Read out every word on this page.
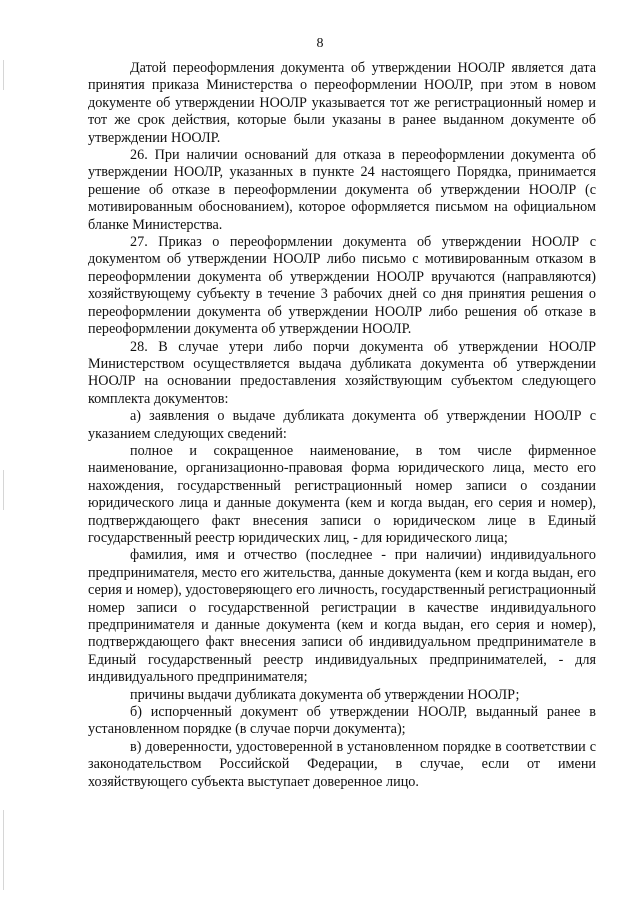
8

Датой переоформления документа об утверждении НООЛР является дата принятия приказа Министерства о переоформлении НООЛР, при этом в новом документе об утверждении НООЛР указывается тот же регистрационный номер и тот же срок действия, которые были указаны в ранее выданном документе об утверждении НООЛР.

26. При наличии оснований для отказа в переоформлении документа об утверждении НООЛР, указанных в пункте 24 настоящего Порядка, принимается решение об отказе в переоформлении документа об утверждении НООЛР (с мотивированным обоснованием), которое оформляется письмом на официальном бланке Министерства.

27. Приказ о переоформлении документа об утверждении НООЛР с документом об утверждении НООЛР либо письмо с мотивированным отказом в переоформлении документа об утверждении НООЛР вручаются (направляются) хозяйствующему субъекту в течение 3 рабочих дней со дня принятия решения о переоформлении документа об утверждении НООЛР либо решения об отказе в переоформлении документа об утверждении НООЛР.

28. В случае утери либо порчи документа об утверждении НООЛР Министерством осуществляется выдача дубликата документа об утверждении НООЛР на основании предоставления хозяйствующим субъектом следующего комплекта документов:

а) заявления о выдаче дубликата документа об утверждении НООЛР с указанием следующих сведений:

полное и сокращенное наименование, в том числе фирменное наименование, организационно-правовая форма юридического лица, место его нахождения, государственный регистрационный номер записи о создании юридического лица и данные документа (кем и когда выдан, его серия и номер), подтверждающего факт внесения записи о юридическом лице в Единый государственный реестр юридических лиц, - для юридического лица;

фамилия, имя и отчество (последнее - при наличии) индивидуального предпринимателя, место его жительства, данные документа (кем и когда выдан, его серия и номер), удостоверяющего его личность, государственный регистрационный номер записи о государственной регистрации в качестве индивидуального предпринимателя и данные документа (кем и когда выдан, его серия и номер), подтверждающего факт внесения записи об индивидуальном предпринимателе в Единый государственный реестр индивидуальных предпринимателей, - для индивидуального предпринимателя;

причины выдачи дубликата документа об утверждении НООЛР;

б) испорченный документ об утверждении НООЛР, выданный ранее в установленном порядке (в случае порчи документа);

в) доверенности, удостоверенной в установленном порядке в соответствии с законодательством Российской Федерации, в случае, если от имени хозяйствующего субъекта выступает доверенное лицо.
